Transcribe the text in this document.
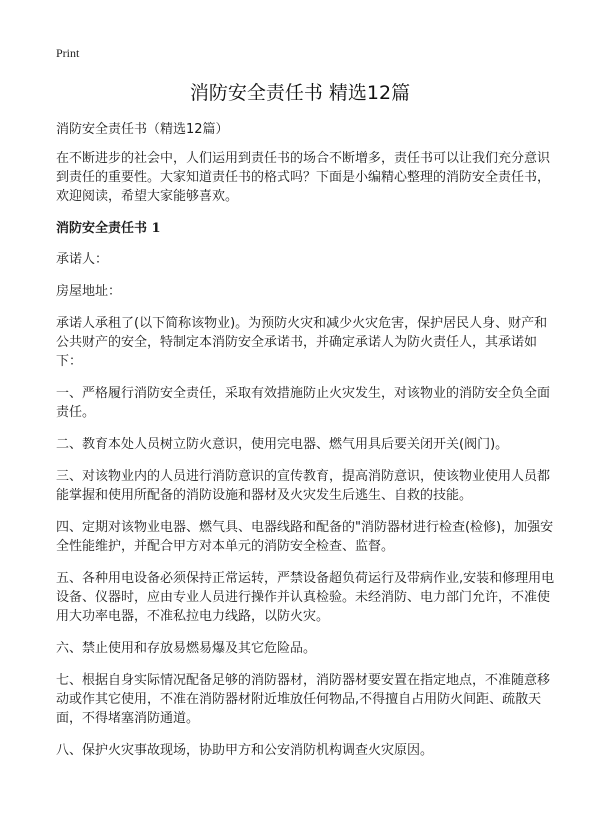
Print
消防安全责任书 精选12篇

消防安全责任书（精选12篇）

在不断进步的社会中，人们运用到责任书的场合不断增多，责任书可以让我们充分意识到责任的重要性。大家知道责任书的格式吗？下面是小编精心整理的消防安全责任书，欢迎阅读，希望大家能够喜欢。

消防安全责任书 1

承诺人：

房屋地址：

承诺人承租了(以下简称该物业)。为预防火灾和减少火灾危害，保护居民人身、财产和公共财产的安全，特制定本消防安全承诺书，并确定承诺人为防火责任人，其承诺如下：

一、严格履行消防安全责任，采取有效措施防止火灾发生，对该物业的消防安全负全面责任。

二、教育本处人员树立防火意识，使用完电器、燃气用具后要关闭开关(阀门)。

三、对该物业内的人员进行消防意识的宣传教育，提高消防意识，使该物业使用人员都能掌握和使用所配备的消防设施和器材及火灾发生后逃生、自救的技能。

四、定期对该物业电器、燃气具、电器线路和配备的"消防器材进行检查(检修)，加强安全性能维护，并配合甲方对本单元的消防安全检查、监督。

五、各种用电设备必须保持正常运转，严禁设备超负荷运行及带病作业,安装和修理用电设备、仪器时，应由专业人员进行操作并认真检验。未经消防、电力部门允许，不准使用大功率电器，不准私拉电力线路，以防火灾。

六、禁止使用和存放易燃易爆及其它危险品。

七、根据自身实际情况配备足够的消防器材，消防器材要安置在指定地点，不准随意移动或作其它使用，不准在消防器材附近堆放任何物品,不得擅自占用防火间距、疏散天面，不得堵塞消防通道。

八、保护火灾事故现场，协助甲方和公安消防机构调查火灾原因。
